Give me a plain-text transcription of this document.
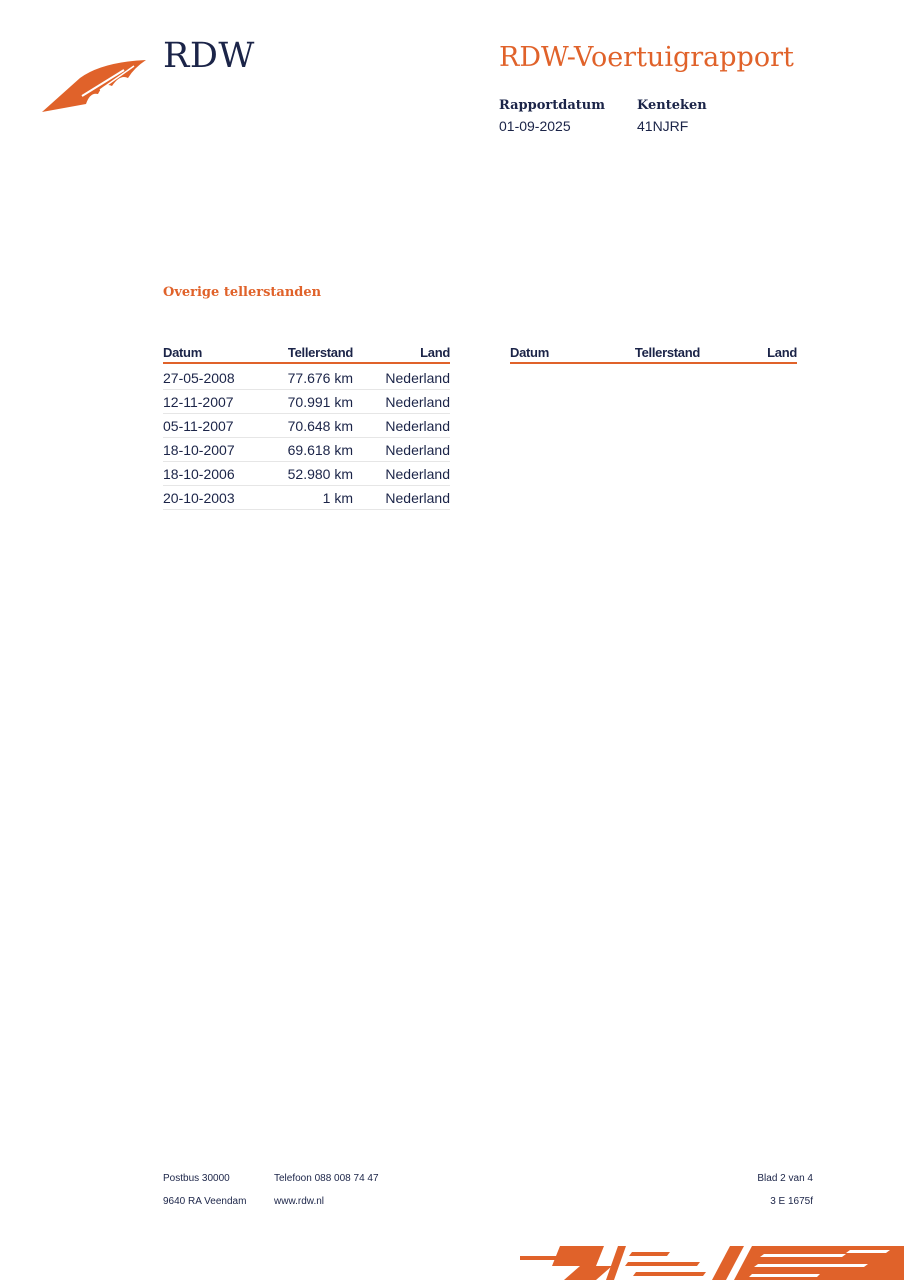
RDW	RDW-Voertuigrapport
Rapportdatum
01-09-2025
Kenteken
41NJRF
Overige tellerstanden
Datum	Tellerstand	Land
27-05-2008	77.676 km	Nederland
12-11-2007	70.991 km	Nederland
05-11-2007	70.648 km	Nederland
18-10-2007	69.618 km	Nederland
18-10-2006	52.980 km	Nederland
20-10-2003	1 km	Nederland
Datum	Tellerstand	Land
Postbus 30000
9640 RA Veendam
Telefoon 088 008 74 47
www.rdw.nl
Blad 2 van 4
3 E 1675f
